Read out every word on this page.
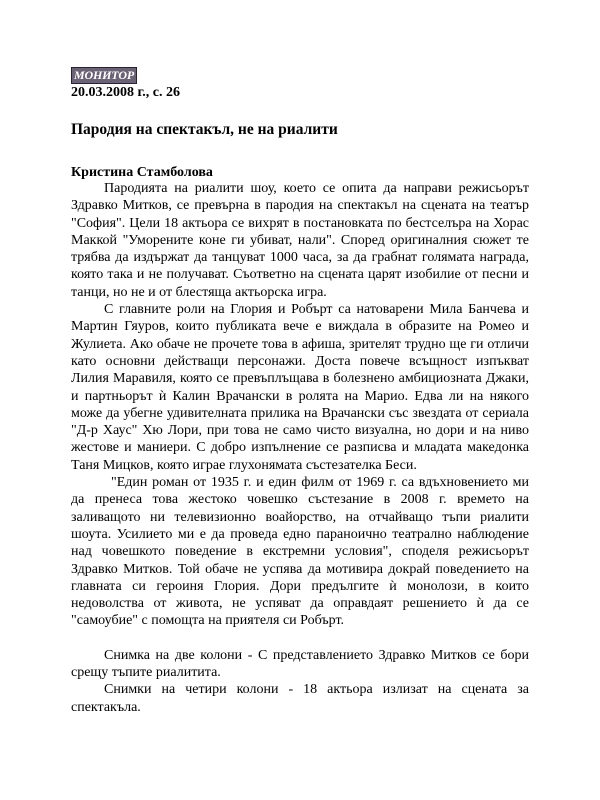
МОНИТОР
20.03.2008 г., с. 26
Пародия на спектакъл, не на риалити
Кристина Стамболова

Пародията на риалити шоу, което се опита да направи режисьорът Здравко Митков, се превърна в пародия на спектакъл на сцената на театър "София". Цели 18 актьора се вихрят в постановката по бестселъра на Хорас Маккой "Уморените коне ги убиват, нали". Според оригиналния сюжет те трябва да издържат да танцуват 1000 часа, за да грабнат голямата награда, която така и не получават. Съответно на сцената царят изобилие от песни и танци, но не и от блестяща актьорска игра.

С главните роли на Глория и Робърт са натоварени Мила Банчева и Мартин Гяуров, които публиката вече е виждала в образите на Ромео и Жулиета. Ако обаче не прочете това в афиша, зрителят трудно ще ги отличи като основни действащи персонажи. Доста повече всъщност изпъкват Лилия Маравиля, която се превъплъщава в болезнено амбициозната Джаки, и партньорът ѝ Калин Врачански в ролята на Марио. Едва ли на някого може да убегне удивителната прилика на Врачански със звездата от сериала "Д-р Хаус" Хю Лори, при това не само чисто визуална, но дори и на ниво жестове и маниери. С добро изпълнение се разписва и младата македонка Таня Мицков, която играе глухонямата състезателка Беси.

"Един роман от 1935 г. и един филм от 1969 г. са вдъхновението ми да пренеса това жестоко човешко състезание в 2008 г. времето на заливащото ни телевизионно воайорство, на отчайващо тъпи риалити шоута. Усилието ми е да проведа едно параноично театрално наблюдение над човешкото поведение в екстремни условия", споделя режисьорът Здравко Митков. Той обаче не успява да мотивира докрай поведението на главната си героиня Глория. Дори предългите ѝ монолози, в които недоволства от живота, не успяват да оправдаят решението ѝ да се "самоубие" с помощта на приятеля си Робърт.

Снимка на две колони - С представлението Здравко Митков се бори срещу тъпите риалитита.

Снимки на четири колони - 18 актьора излизат на сцената за спектакъла.
